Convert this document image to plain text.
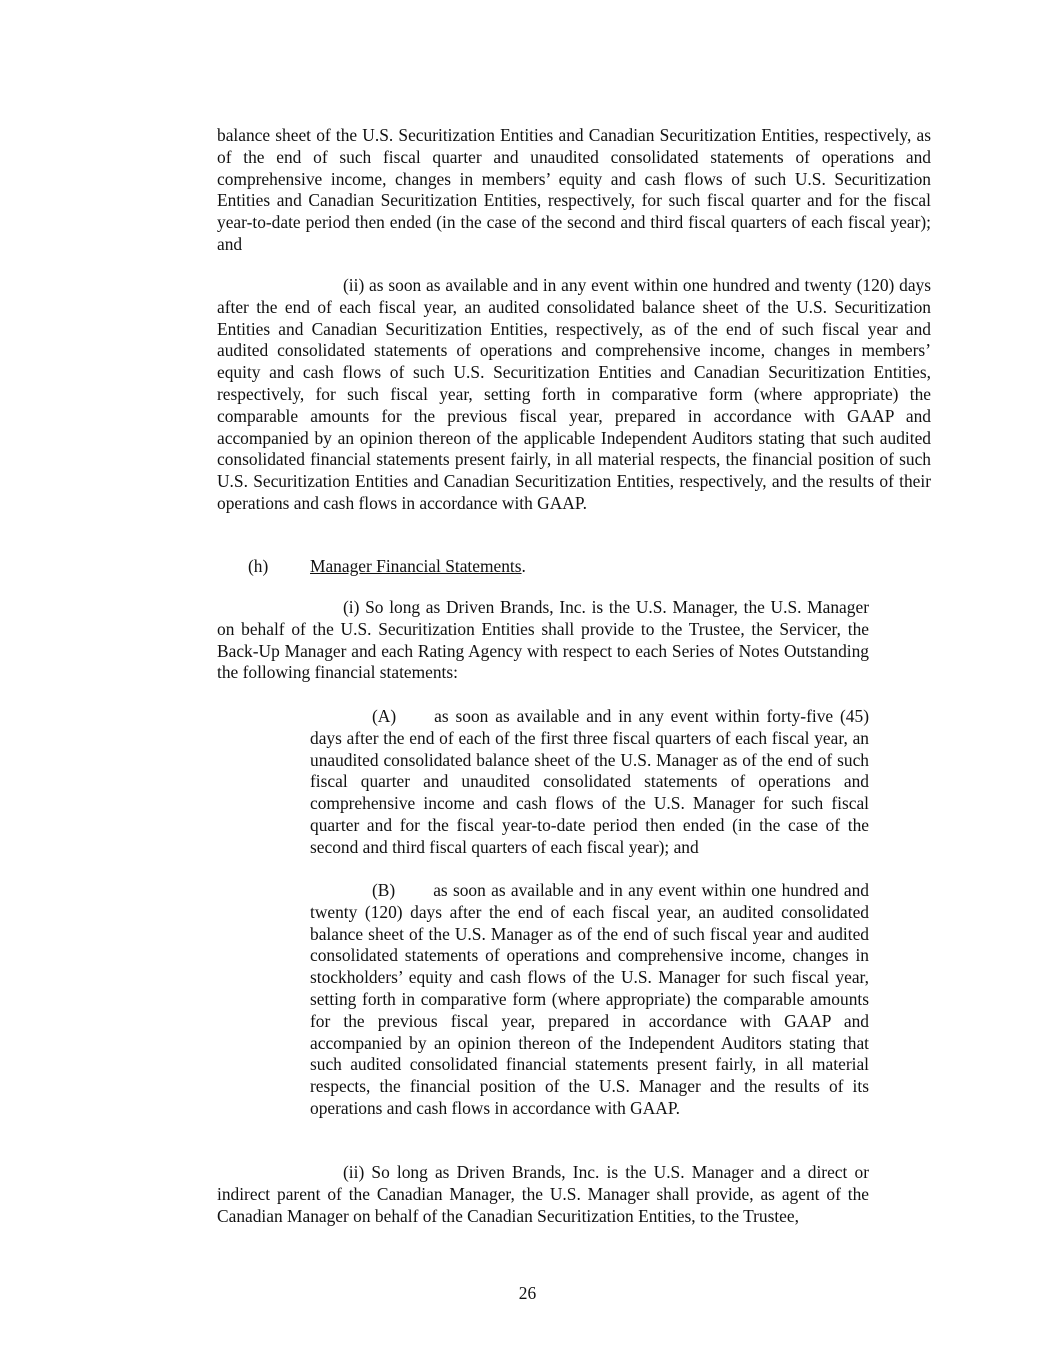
balance sheet of the U.S. Securitization Entities and Canadian Securitization Entities, respectively, as of the end of such fiscal quarter and unaudited consolidated statements of operations and comprehensive income, changes in members’ equity and cash flows of such U.S. Securitization Entities and Canadian Securitization Entities, respectively, for such fiscal quarter and for the fiscal year-to-date period then ended (in the case of the second and third fiscal quarters of each fiscal year); and

(ii) as soon as available and in any event within one hundred and twenty (120) days after the end of each fiscal year, an audited consolidated balance sheet of the U.S. Securitization Entities and Canadian Securitization Entities, respectively, as of the end of such fiscal year and audited consolidated statements of operations and comprehensive income, changes in members’ equity and cash flows of such U.S. Securitization Entities and Canadian Securitization Entities, respectively, for such fiscal year, setting forth in comparative form (where appropriate) the comparable amounts for the previous fiscal year, prepared in accordance with GAAP and accompanied by an opinion thereon of the applicable Independent Auditors stating that such audited consolidated financial statements present fairly, in all material respects, the financial position of such U.S. Securitization Entities and Canadian Securitization Entities, respectively, and the results of their operations and cash flows in accordance with GAAP.

(h) Manager Financial Statements.

(i) So long as Driven Brands, Inc. is the U.S. Manager, the U.S. Manager on behalf of the U.S. Securitization Entities shall provide to the Trustee, the Servicer, the Back-Up Manager and each Rating Agency with respect to each Series of Notes Outstanding the following financial statements:

(A) as soon as available and in any event within forty-five (45) days after the end of each of the first three fiscal quarters of each fiscal year, an unaudited consolidated balance sheet of the U.S. Manager as of the end of such fiscal quarter and unaudited consolidated statements of operations and comprehensive income and cash flows of the U.S. Manager for such fiscal quarter and for the fiscal year-to-date period then ended (in the case of the second and third fiscal quarters of each fiscal year); and

(B) as soon as available and in any event within one hundred and twenty (120) days after the end of each fiscal year, an audited consolidated balance sheet of the U.S. Manager as of the end of such fiscal year and audited consolidated statements of operations and comprehensive income, changes in stockholders’ equity and cash flows of the U.S. Manager for such fiscal year, setting forth in comparative form (where appropriate) the comparable amounts for the previous fiscal year, prepared in accordance with GAAP and accompanied by an opinion thereon of the Independent Auditors stating that such audited consolidated financial statements present fairly, in all material respects, the financial position of the U.S. Manager and the results of its operations and cash flows in accordance with GAAP.

(ii) So long as Driven Brands, Inc. is the U.S. Manager and a direct or indirect parent of the Canadian Manager, the U.S. Manager shall provide, as agent of the Canadian Manager on behalf of the Canadian Securitization Entities, to the Trustee,

26
